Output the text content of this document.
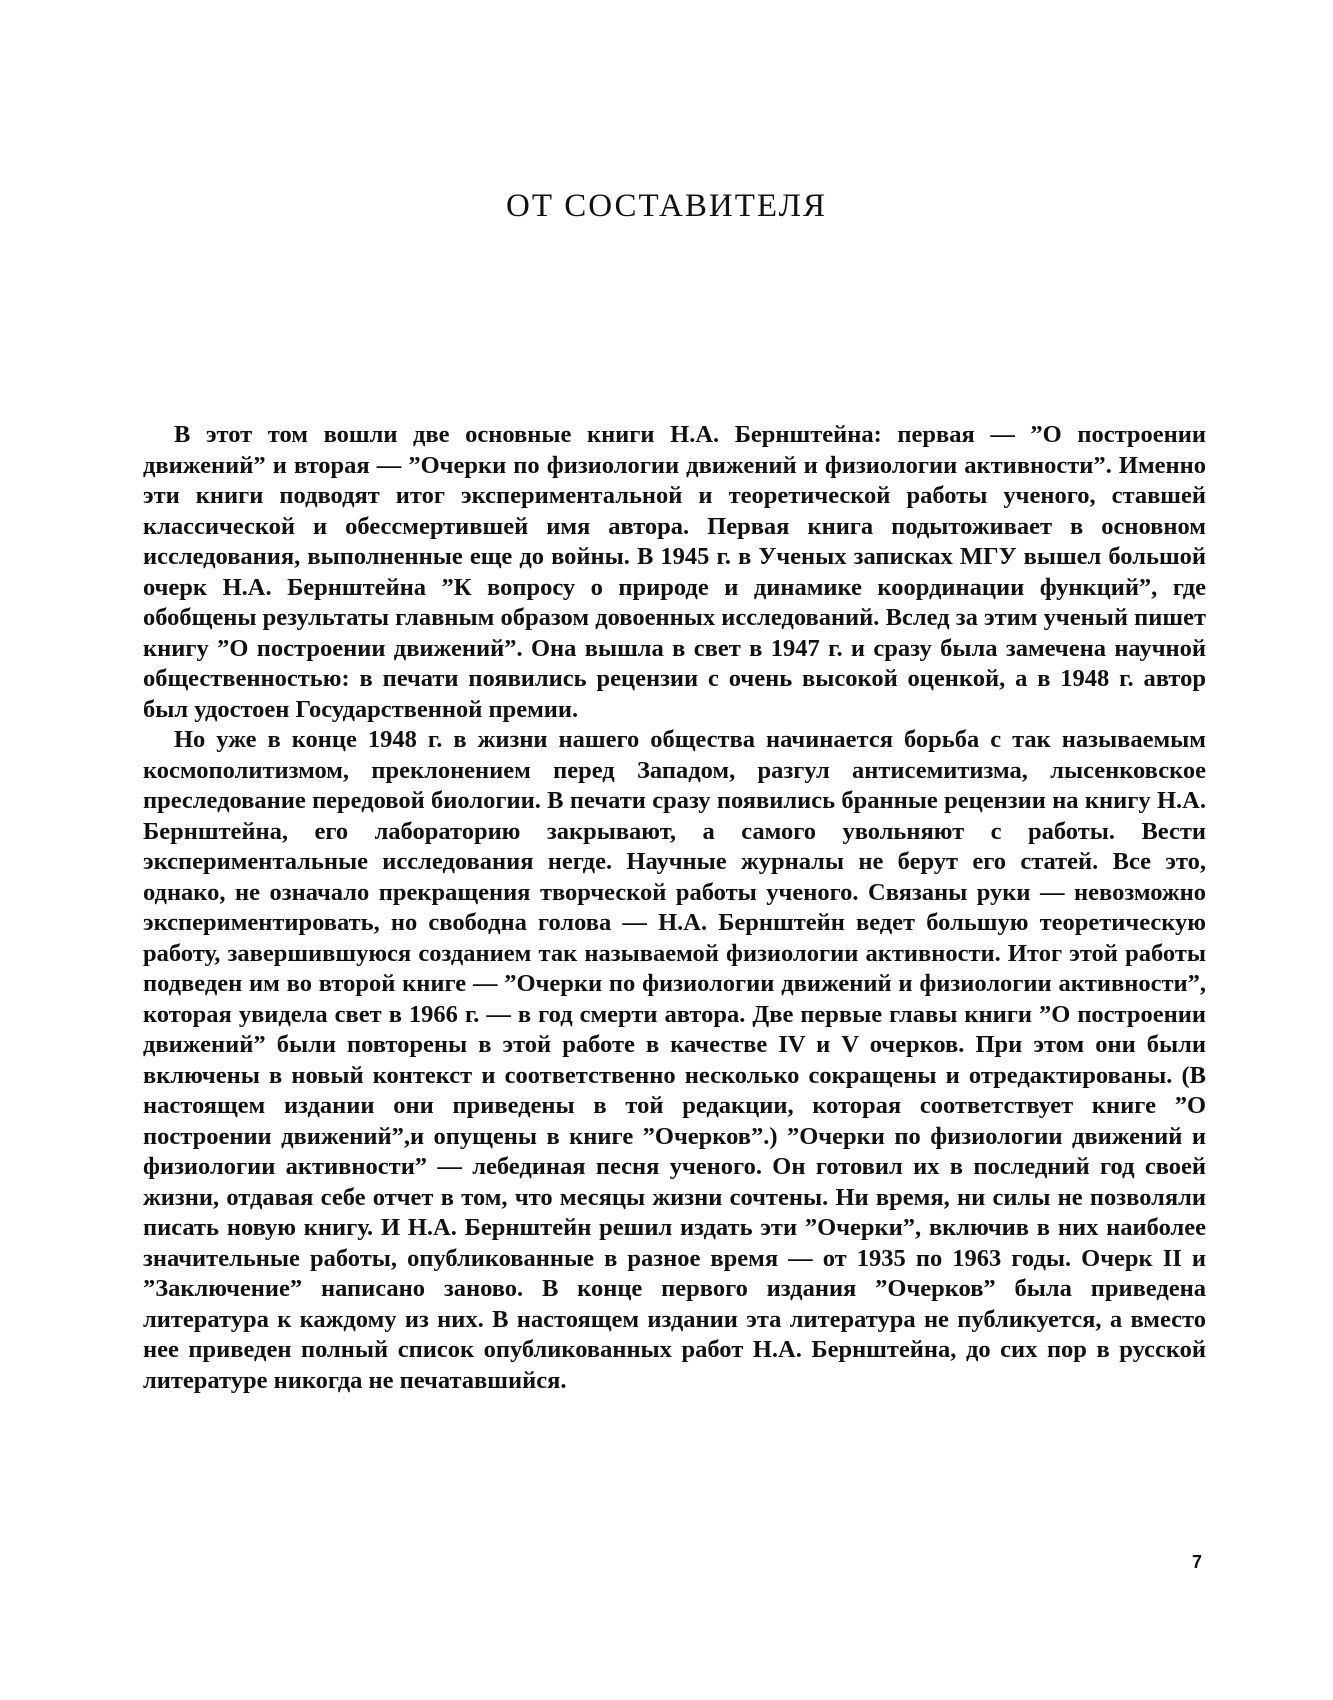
ОТ СОСТАВИТЕЛЯ

В этот том вошли две основные книги Н.А. Бернштейна: первая — ”О построении движений” и вторая — ”Очерки по физиологии движений и физиологии активности”. Именно эти книги подводят итог экспериментальной и теоретической работы ученого, ставшей классической и обессмертившей имя автора. Первая книга подытоживает в основном исследования, выполненные еще до войны. В 1945 г. в Ученых записках МГУ вышел большой очерк Н.А. Бернштейна ”К вопросу о природе и динамике координации функций”, где обобщены результаты главным образом довоенных исследований. Вслед за этим ученый пишет книгу ”О построении движений”. Она вышла в свет в 1947 г. и сразу была замечена научной общественностью: в печати появились рецензии с очень высокой оценкой, а в 1948 г. автор был удостоен Государственной премии.

Но уже в конце 1948 г. в жизни нашего общества начинается борьба с так называемым космополитизмом, преклонением перед Западом, разгул антисемитизма, лысенковское преследование передовой биологии. В печати сразу появились бранные рецензии на книгу Н.А. Бернштейна, его лабораторию закрывают, а самого увольняют с работы. Вести экспериментальные исследования негде. Научные журналы не берут его статей. Все это, однако, не означало прекращения творческой работы ученого. Связаны руки — невозможно экспериментировать, но свободна голова — Н.А. Бернштейн ведет большую теоретическую работу, завершившуюся созданием так называемой физиологии активности. Итог этой работы подведен им во второй книге — ”Очерки по физиологии движений и физиологии активности”, которая увидела свет в 1966 г. — в год смерти автора. Две первые главы книги ”О построении движений” были повторены в этой работе в качестве IV и V очерков. При этом они были включены в новый контекст и соответственно несколько сокращены и отредактированы. (В настоящем издании они приведены в той редакции, которая соответствует книге ”О построении движений”,и опущены в книге ”Очерков”.) ”Очерки по физиологии движений и физиологии активности” — лебединая песня ученого. Он готовил их в последний год своей жизни, отдавая себе отчет в том, что месяцы жизни сочтены. Ни время, ни силы не позволяли писать новую книгу. И Н.А. Бернштейн решил издать эти ”Очерки”, включив в них наиболее значительные работы, опубликованные в разное время — от 1935 по 1963 годы. Очерк II и ”Заключение” написано заново. В конце первого издания ”Очерков” была приведена литература к каждому из них. В настоящем издании эта литература не публикуется, а вместо нее приведен полный список опубликованных работ Н.А. Бернштейна, до сих пор в русской литературе никогда не печатавшийся.

7
